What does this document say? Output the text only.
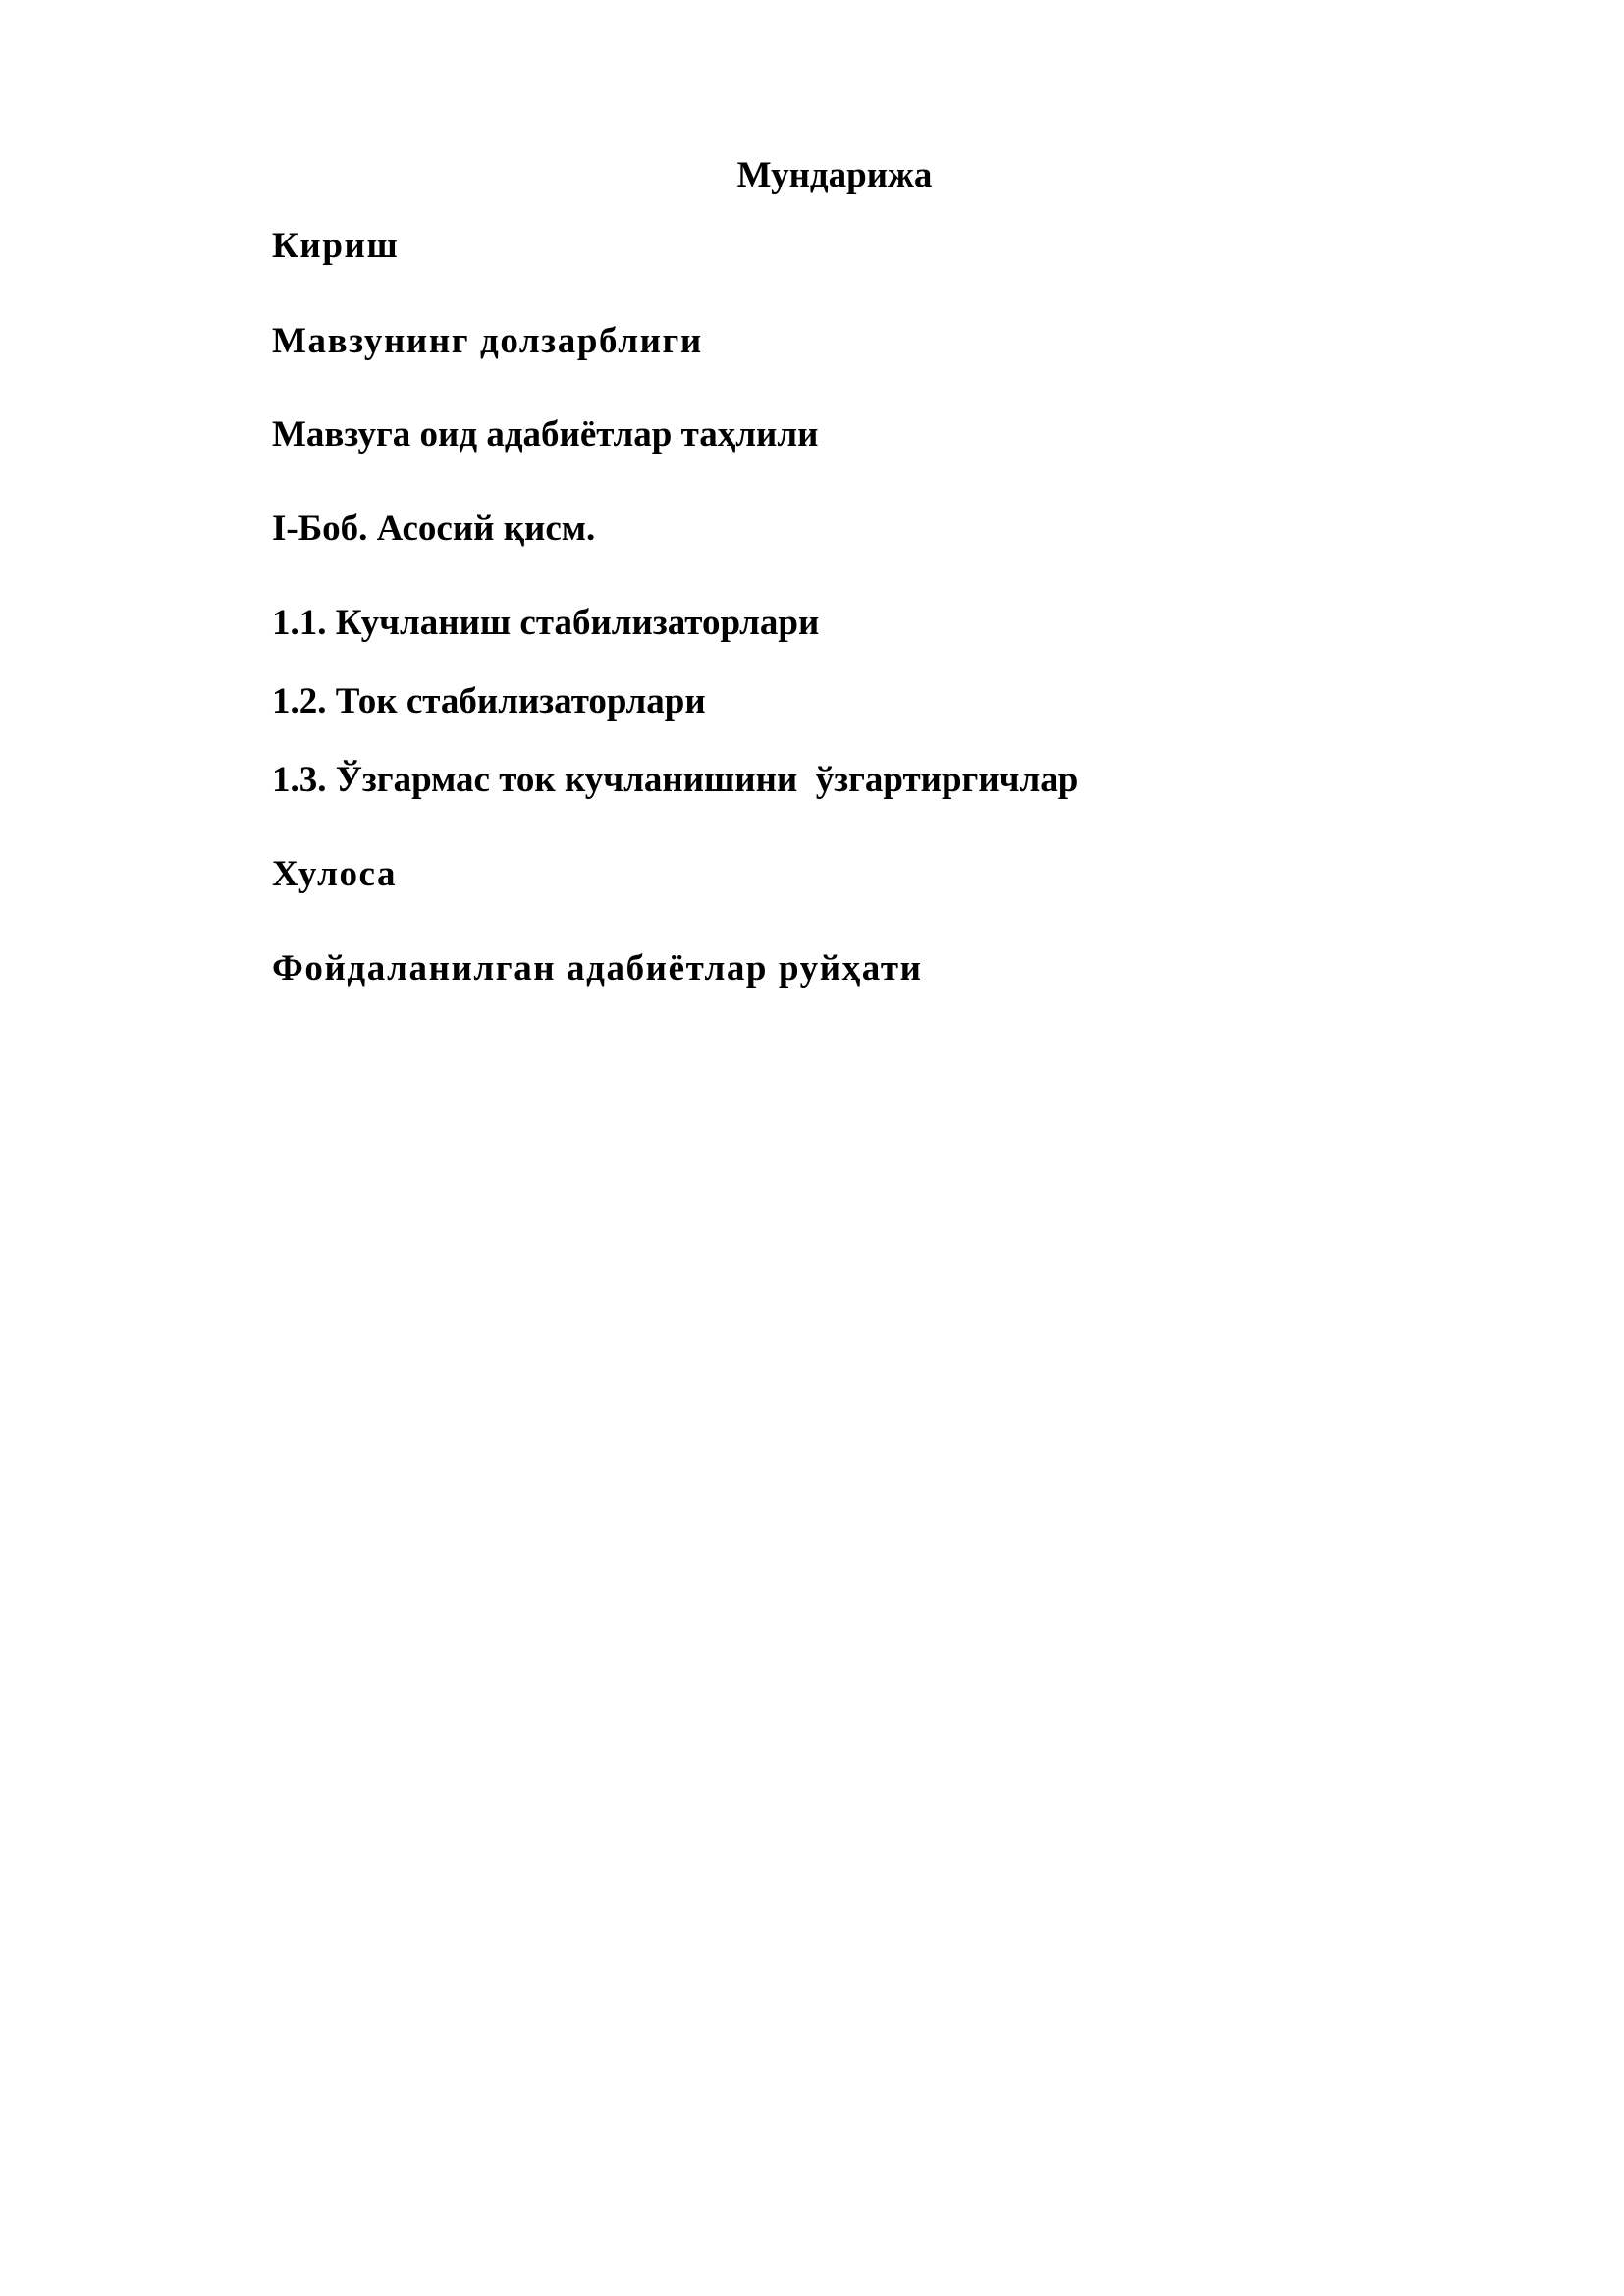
Мундарижа
Кириш
Мавзунинг долзарблиги
Мавзуга оид адабиётлар таҳлили
I-Боб. Асосий қисм.
1.1. Кучланиш стабилизаторлари
1.2. Ток стабилизаторлари
1.3. Ўзгармас ток кучланишини  ўзгартиргичлар
Хулоса
Фойдаланилган адабиётлар руйҳати
